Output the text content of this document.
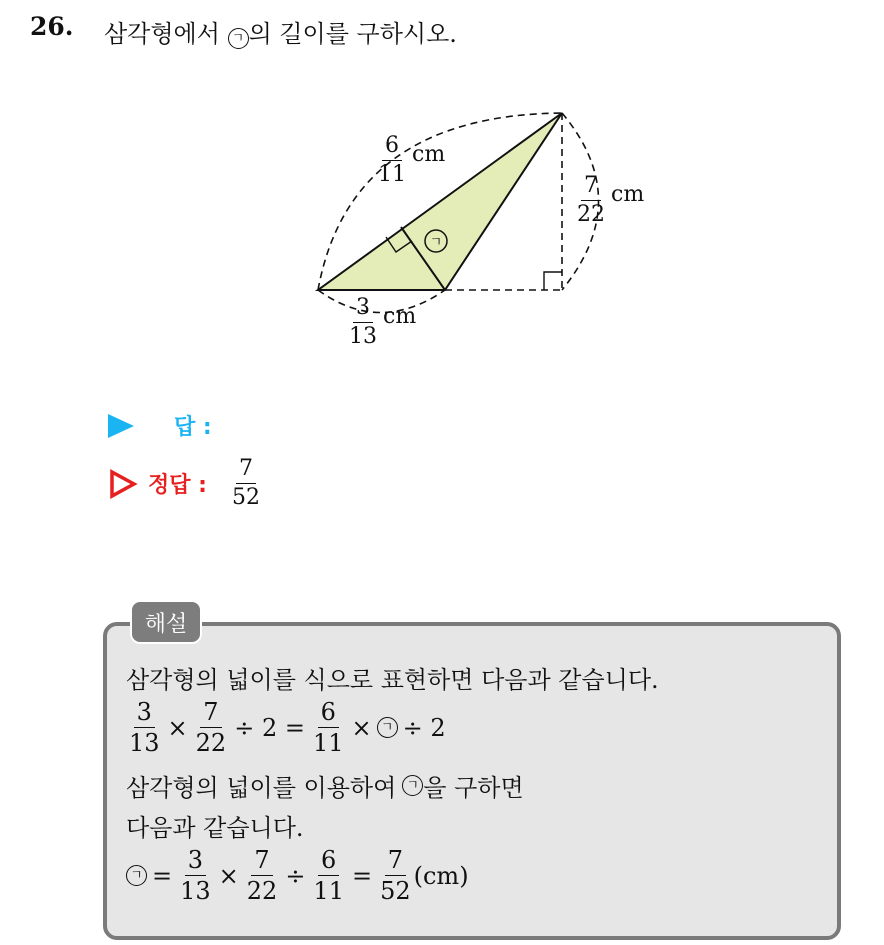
26. 삼각형에서 ㄱ 의 길이를 구하시오.
ㄱ
$\frac{6}{11}$ cm
$\frac{7}{22}$ cm
$\frac{3}{13}$ cm
답 :
정답 : $\frac{7}{52}$
해설
삼각형의 넓이를 식으로 표현하면 다음과 같습니다.
$\frac{3}{13} \times \frac{7}{22} \div 2 = \frac{6}{11}$ × ㄱ ÷ 2
삼각형의 넓이를 이용하여 ㄱ 을 구하면
다음과 같습니다.
ㄱ = $\frac{3}{13} \times \frac{7}{22} \div \frac{6}{11} = \frac{7}{52} (cm)$
